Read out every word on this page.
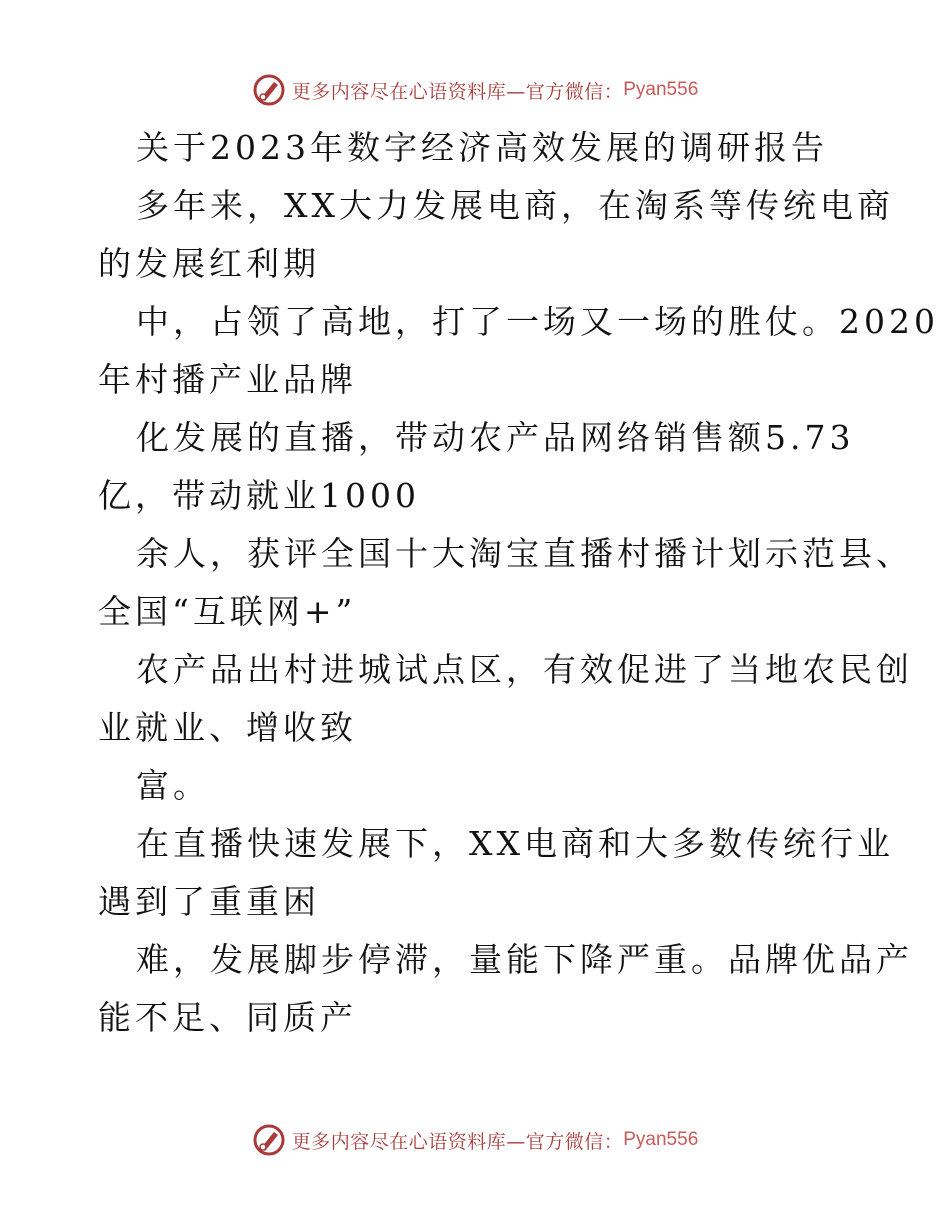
更多内容尽在心语资料库—官方微信： Pyan556
关于2023年数字经济高效发展的调研报告
多年来，XX大力发展电商，在淘系等传统电商
的发展红利期
中，占领了高地，打了一场又一场的胜仗。2020
年村播产业品牌
化发展的直播，带动农产品网络销售额5.73
亿，带动就业1000
余人，获评全国十大淘宝直播村播计划示范县、
全国“互联网+”
农产品出村进城试点区，有效促进了当地农民创
业就业、增收致
富。
在直播快速发展下，XX电商和大多数传统行业
遇到了重重困
难，发展脚步停滞，量能下降严重。品牌优品产
能不足、同质产
更多内容尽在心语资料库—官方微信： Pyan556
